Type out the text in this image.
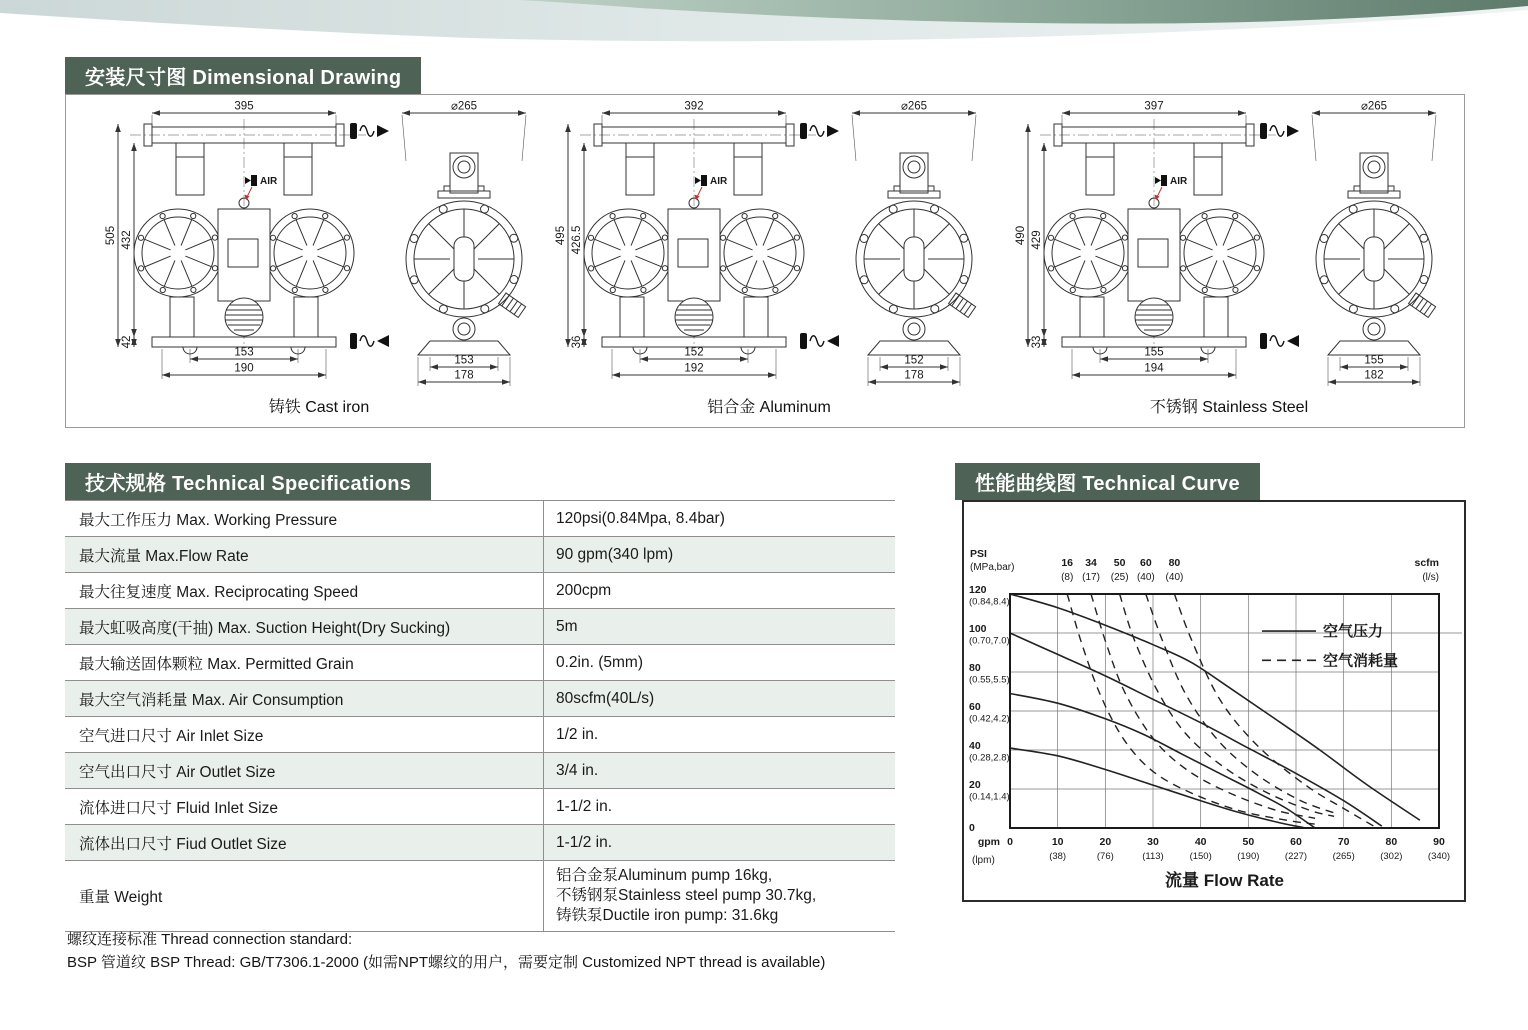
安装尺寸图 Dimensional Drawing
AIR
395
505 432
42
153
190
⌀265
153
178
铸铁 Cast iron
AIR
392
495 426.5
36
152
192
⌀265
152
178
铝合金 Aluminum
AIR
397
490 429
33
155
194
⌀265
155
182
不锈钢 Stainless Steel
技术规格 Technical Specifications
最大工作压力 Max. Working Pressure	120psi(0.84Mpa, 8.4bar)
最大流量 Max.Flow Rate	90 gpm(340 lpm)
最大往复速度 Max. Reciprocating Speed	200cpm
最大虹吸高度(干抽) Max. Suction Height(Dry Sucking)	5m
最大输送固体颗粒 Max. Permitted Grain	0.2in. (5mm)
最大空气消耗量 Max. Air Consumption	80scfm(40L/s)
空气进口尺寸 Air Inlet Size	1/2 in.
空气出口尺寸 Air Outlet Size	3/4 in.
流体进口尺寸 Fluid Inlet Size	1-1/2 in.
流体出口尺寸 Fiud Outlet Size	1-1/2 in.
重量 Weight
铝合金泵Aluminum pump 16kg,
不锈钢泵Stainless steel pump 30.7kg,
铸铁泵Ductile iron pump: 31.6kg
螺纹连接标准 Thread connection standard:
BSP 管道纹 BSP Thread: GB/T7306.1-2000 (如需NPT螺纹的用户，需要定制 Customized NPT thread is available)
性能曲线图 Technical Curve
120
(0.84,8.4)
100
(0.70,7.0)
80
(0.55,5.5)
60
(0.42,4.2)
40
(0.28,2.8)
20
(0.14,1.4)
0
0	10
(38)
20
(76)
30
(113)
40
(150)
50
(190)
60
(227)
70
(265)
80
(302)
90
(340)
16
(8)
34
(17)
50
(25)
60
(40)
80
(40)
PSI
(MPa,bar)	scfm
(l/s)
gpm
(lpm)
流量 Flow Rate
空气压力
空气消耗量
